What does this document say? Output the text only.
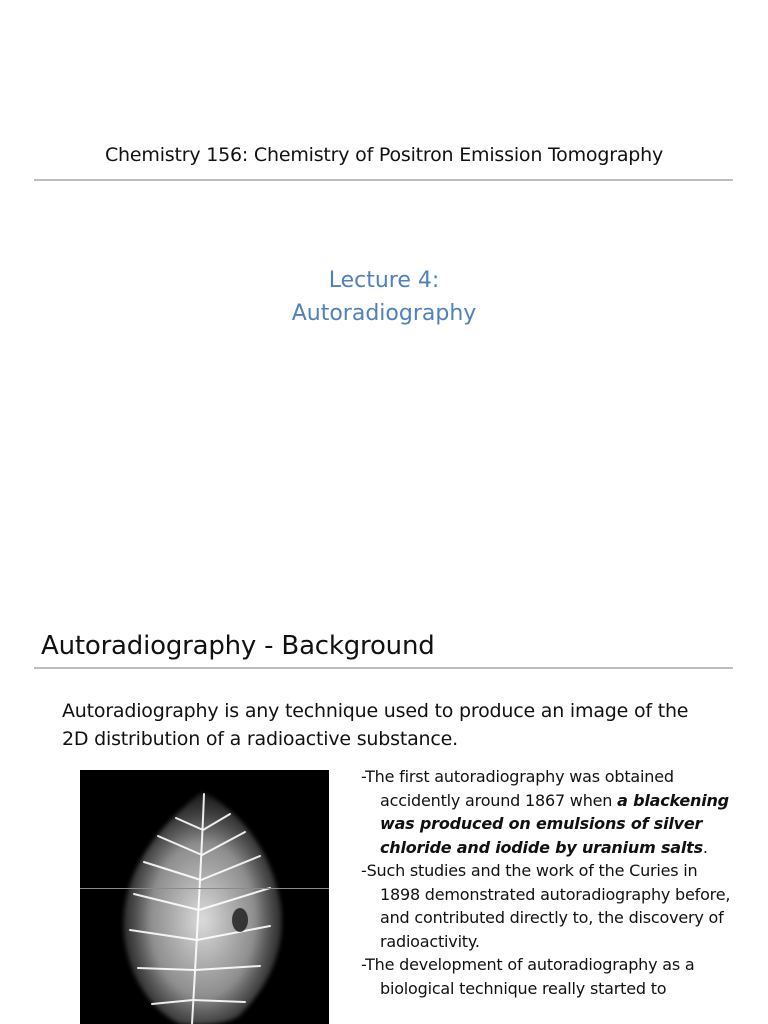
Chemistry 156: Chemistry of Positron Emission Tomography
Lecture 4:
Autoradiography
Autoradiography - Background
Autoradiography is any technique used to produce an image of the
2D distribution of a radioactive substance.

-The first autoradiography was obtained accidently around 1867 when a blackening was produced on emulsions of silver chloride and iodide by uranium salts.

-Such studies and the work of the Curies in 1898 demonstrated autoradiography before, and contributed directly to, the discovery of radioactivity.

-The development of autoradiography as a biological technique really started to
